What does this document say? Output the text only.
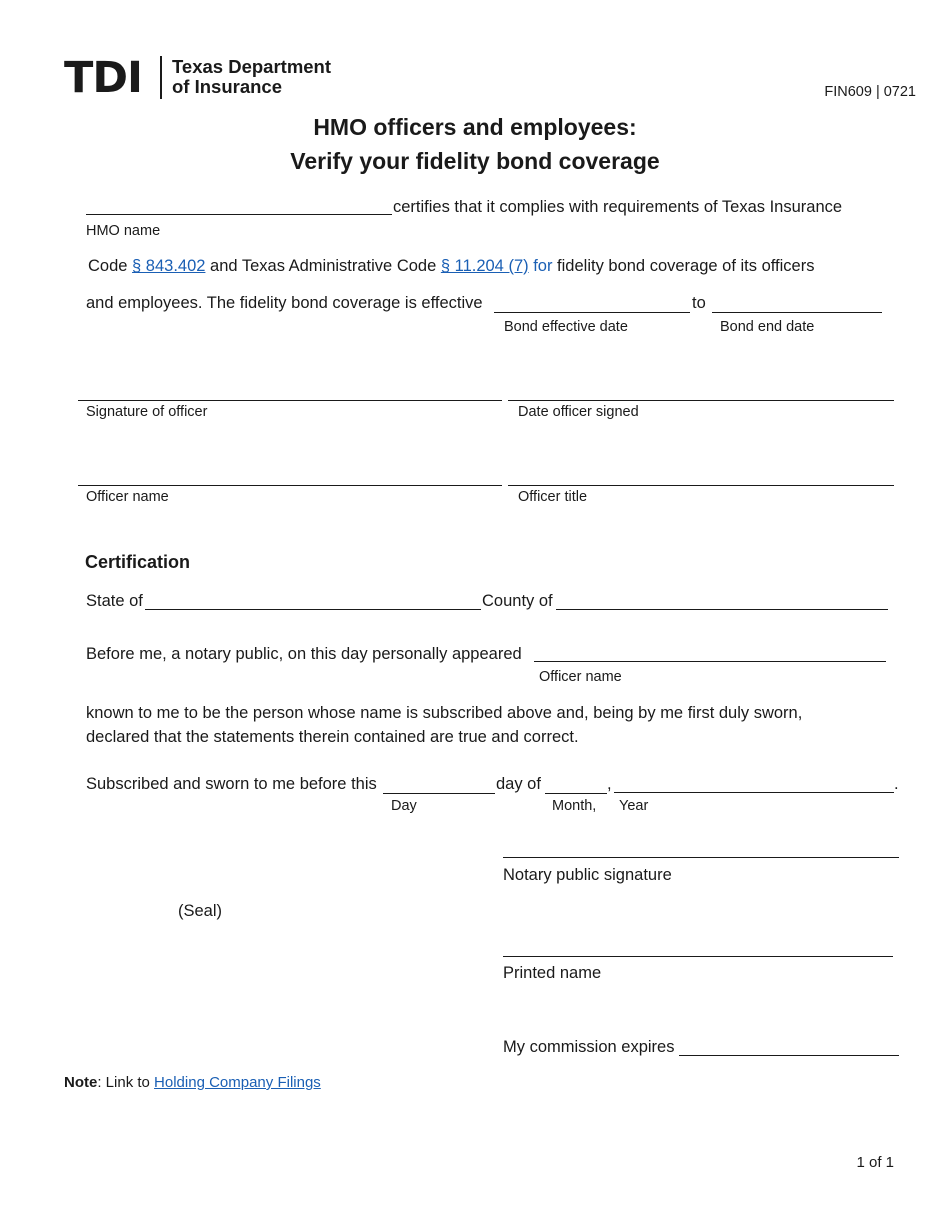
TDI Texas Department
of Insurance	FIN609 | 0721
HMO officers and employees:
Verify your fidelity bond coverage
certifies that it complies with requirements of Texas Insurance
HMO name
Code § 843.402 and Texas Administrative Code § 11.204 (7) for fidelity bond coverage of its officers
and employees. The fidelity bond coverage is effective	to
Bond effective date	Bond end date
Signature of officer	Date officer signed
Officer name	Officer title
Certification
State of	County of
Before me, a notary public, on this day personally appeared
Officer name
known to me to be the person whose name is subscribed above and, being by me first duly sworn,
declared that the statements therein contained are true and correct.
Subscribed and sworn to me before this	day of	,	.
Day	Month, Year
Notary public signature
(Seal)
Printed name
My commission expires
Note: Link to Holding Company Filings
1 of 1
